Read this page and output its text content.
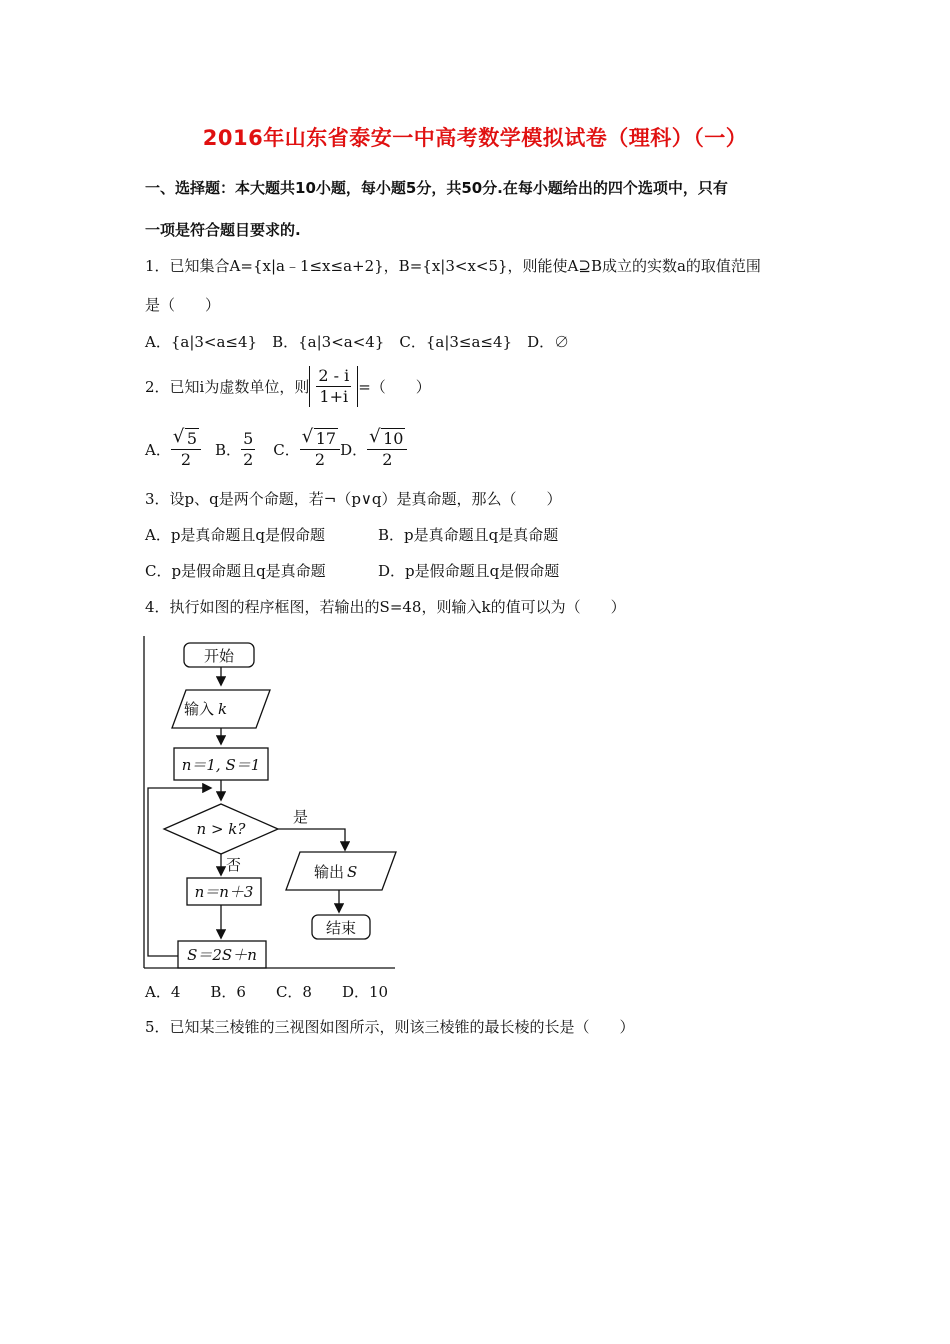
2016年山东省泰安一中高考数学模拟试卷（理科）（一）
一、选择题：本大题共10小题，每小题5分，共50分.在每小题给出的四个选项中，只有
一项是符合题目要求的.
1．已知集合A={x|a﹣1≤x≤a+2}，B={x|3<x<5}，则能使A⊇B成立的实数a的取值范围
是（　　）
A．{a|3<a≤4}　B．{a|3<a<4}　C．{a|3≤a≤4}　D．∅
2．已知i为虚数单位，则 $\frac{2 - i}{1+i}$ =（　　）
A． $\frac{√ 5}{2}$ B． $\frac{5}{2}$ C． $\frac{√ 17}{2}$ D． $\frac{√ 10}{2}$
3．设p、q是两个命题，若¬（p∨q）是真命题，那么（　　）
A．p是真命题且q是假命题	B．p是真命题且q是真命题
C．p是假命题且q是真命题	D．p是假命题且q是假命题
4．执行如图的程序框图，若输出的S=48，则输入k的值可以为（　　）
开始
输入 k
n＝1, S＝1
n > k?
是
否	输出 S
结束
n＝n＋3
S＝2S＋n
A．4　　B．6　　C．8　　D．10
5．已知某三棱锥的三视图如图所示，则该三棱锥的最长棱的长是（　　）
